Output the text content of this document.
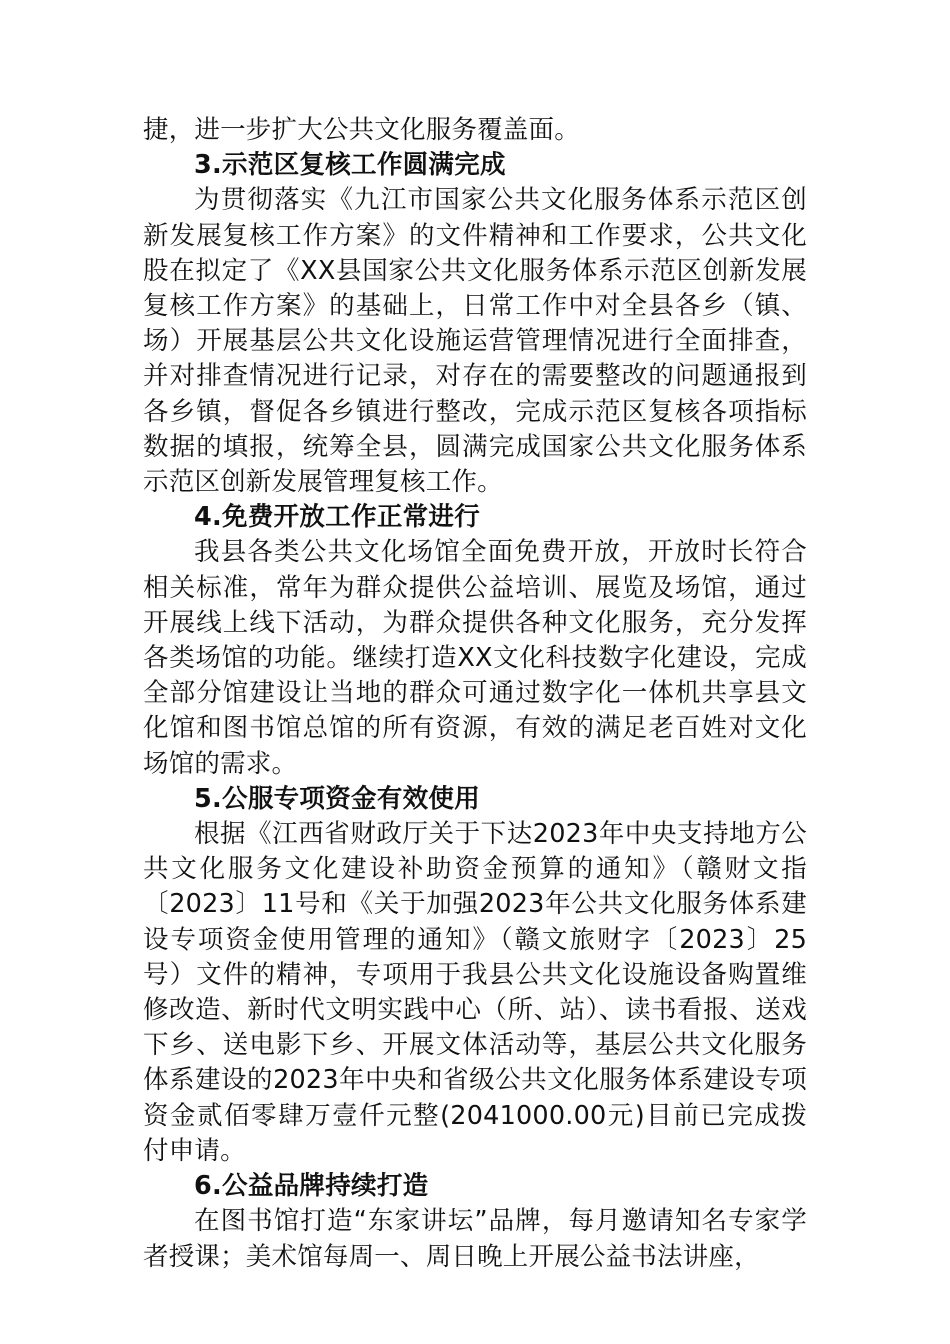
捷，进一步扩大公共文化服务覆盖面。

3.示范区复核工作圆满完成

为贯彻落实《九江市国家公共文化服务体系示范区创新发展复核工作方案》的文件精神和工作要求，公共文化股在拟定了《XX县国家公共文化服务体系示范区创新发展复核工作方案》的基础上，日常工作中对全县各乡（镇、场）开展基层公共文化设施运营管理情况进行全面排查，并对排查情况进行记录，对存在的需要整改的问题通报到各乡镇，督促各乡镇进行整改，完成示范区复核各项指标数据的填报，统筹全县，圆满完成国家公共文化服务体系示范区创新发展管理复核工作。

4.免费开放工作正常进行

我县各类公共文化场馆全面免费开放，开放时长符合相关标准，常年为群众提供公益培训、展览及场馆，通过开展线上线下活动，为群众提供各种文化服务，充分发挥各类场馆的功能。继续打造XX文化科技数字化建设，完成全部分馆建设让当地的群众可通过数字化一体机共享县文化馆和图书馆总馆的所有资源，有效的满足老百姓对文化场馆的需求。

5.公服专项资金有效使用

根据《江西省财政厅关于下达2023年中央支持地方公共文化服务文化建设补助资金预算的通知》（赣财文指〔2023〕11号和《关于加强2023年公共文化服务体系建设专项资金使用管理的通知》（赣文旅财字〔2023〕25号）文件的精神，专项用于我县公共文化设施设备购置维修改造、新时代文明实践中心（所、站）、读书看报、送戏下乡、送电影下乡、开展文体活动等，基层公共文化服务体系建设的2023年中央和省级公共文化服务体系建设专项资金贰佰零肆万壹仟元整(2041000.00元)目前已完成拨付申请。

6.公益品牌持续打造

在图书馆打造“东家讲坛”品牌，每月邀请知名专家学者授课；美术馆每周一、周日晚上开展公益书法讲座，
